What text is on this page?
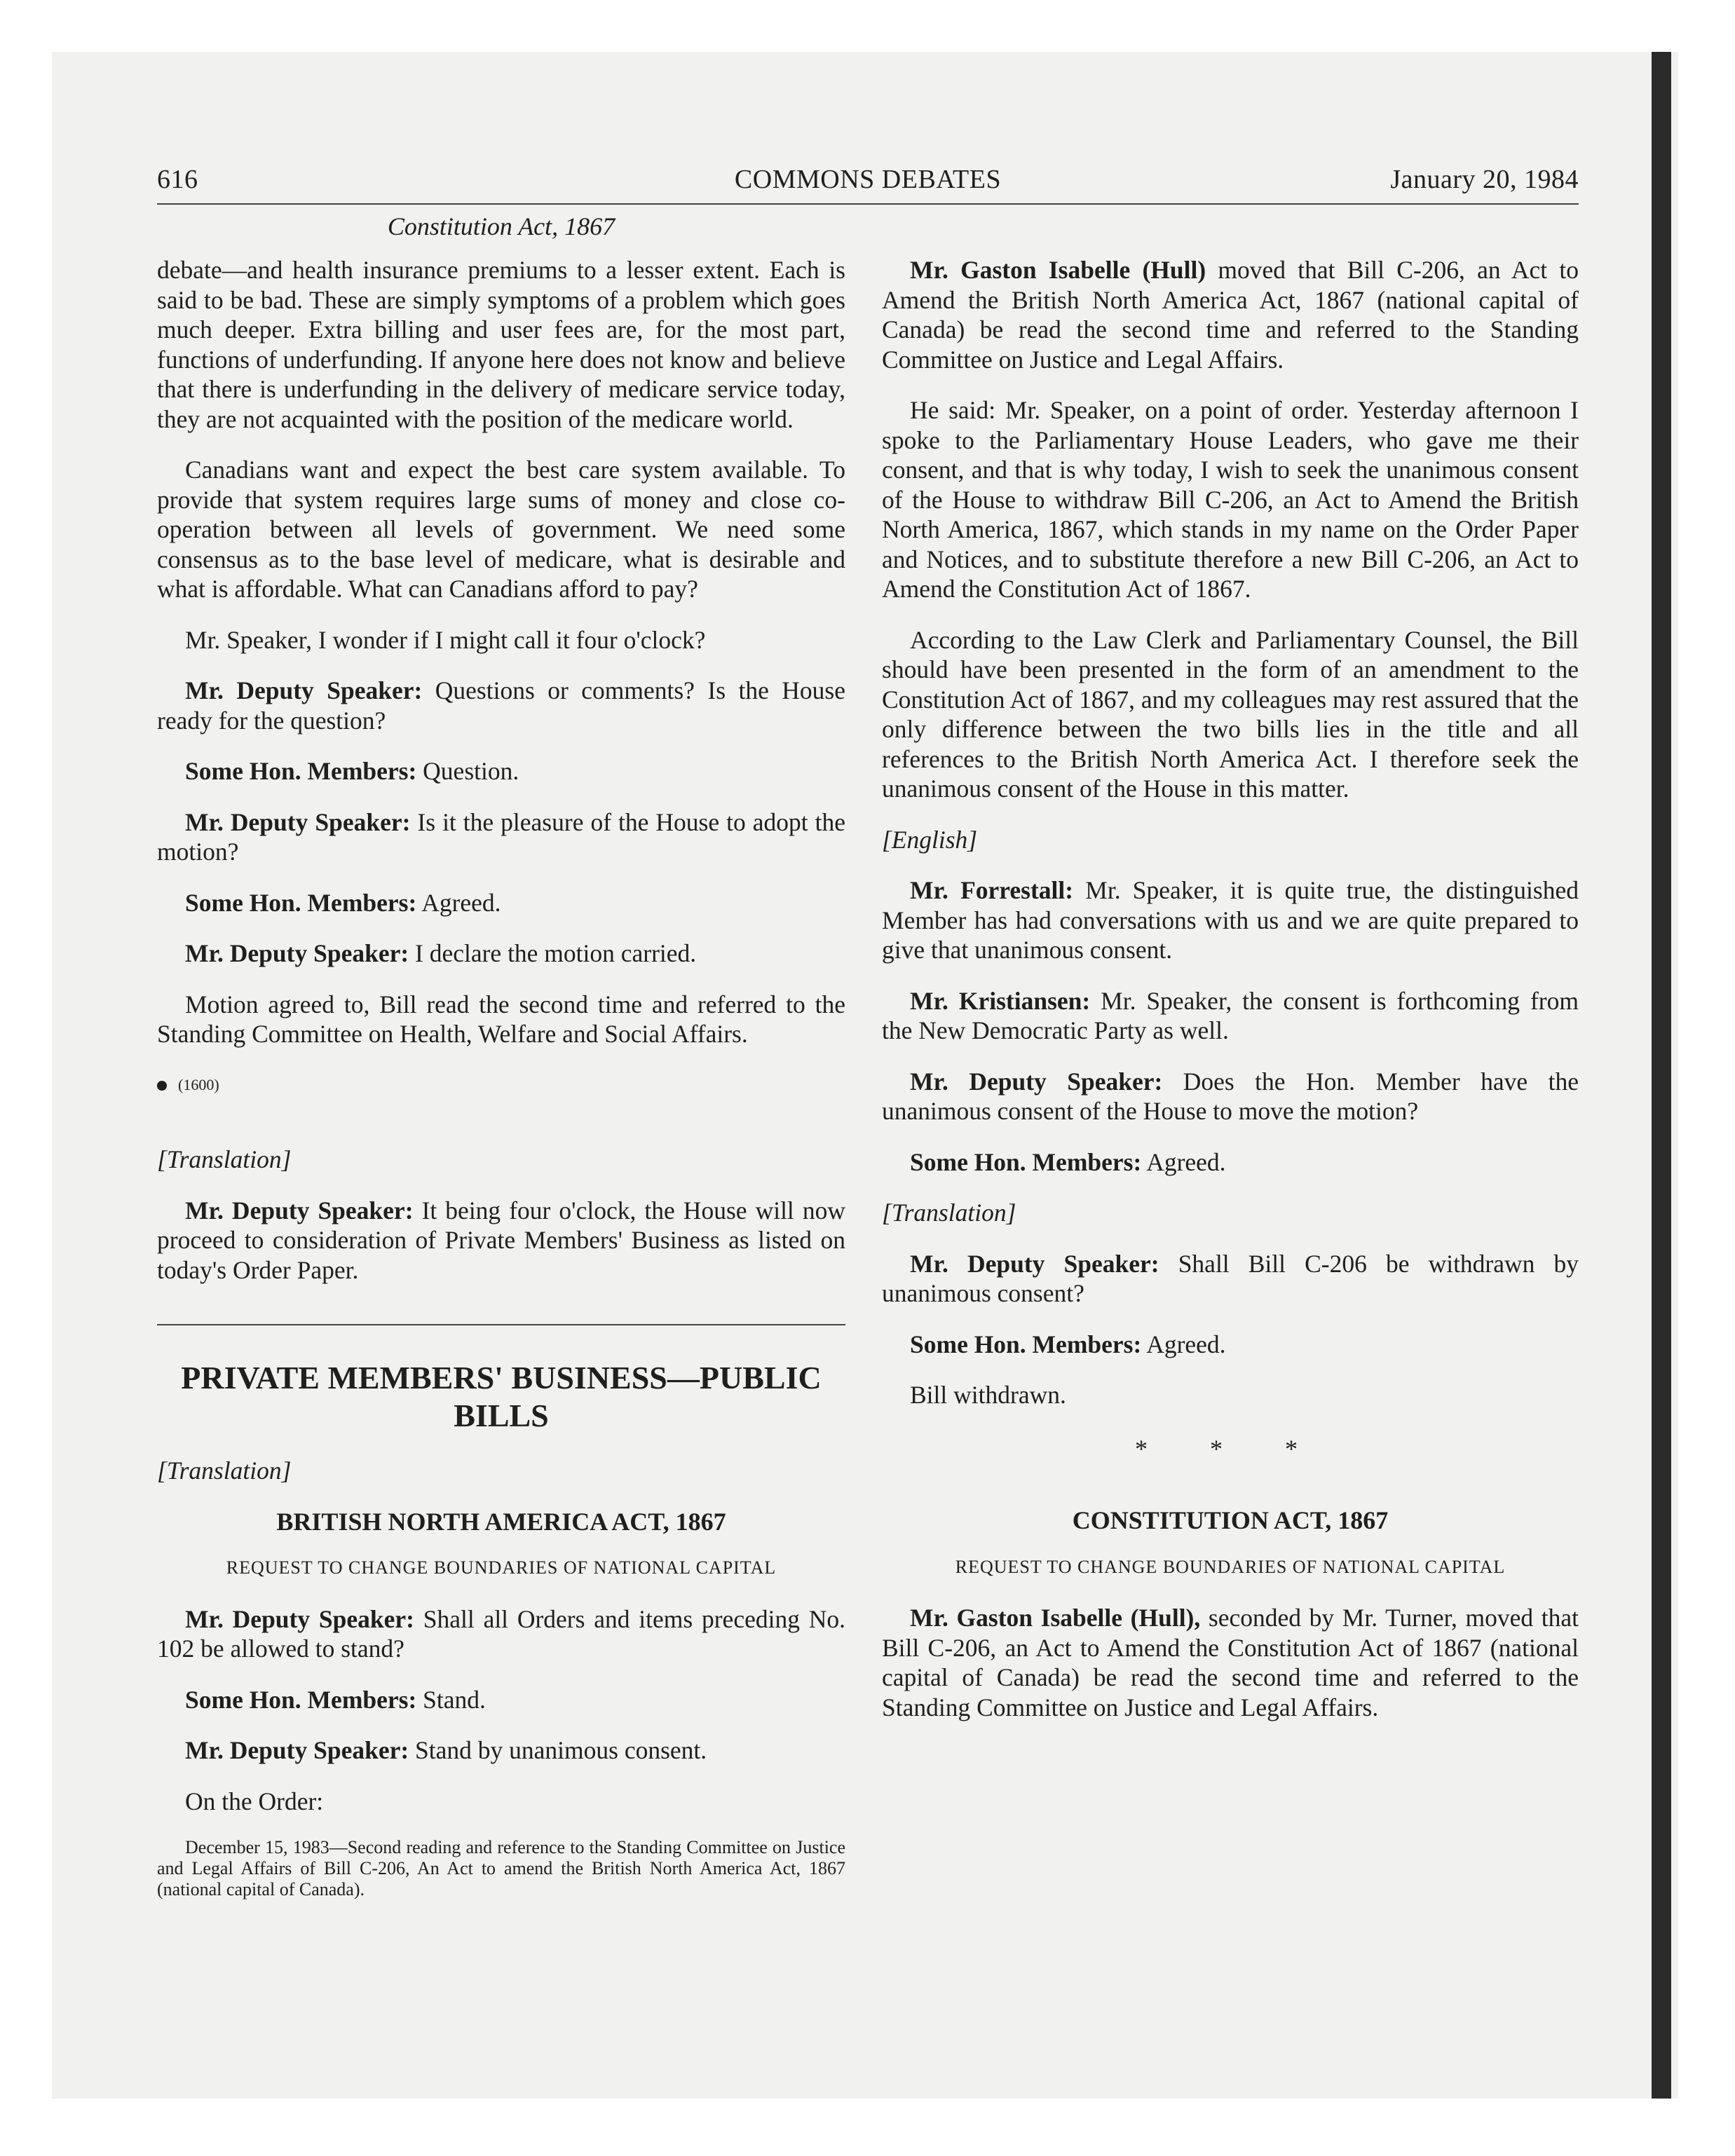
616	COMMONS DEBATES	January 20, 1984
Constitution Act, 1867

debate—and health insurance premiums to a lesser extent. Each is said to be bad. These are simply symptoms of a problem which goes much deeper. Extra billing and user fees are, for the most part, functions of underfunding. If anyone here does not know and believe that there is underfunding in the delivery of medicare service today, they are not acquainted with the position of the medicare world.

Canadians want and expect the best care system available. To provide that system requires large sums of money and close co-operation between all levels of government. We need some consensus as to the base level of medicare, what is desirable and what is affordable. What can Canadians afford to pay?

Mr. Speaker, I wonder if I might call it four o'clock?

Mr. Deputy Speaker: Questions or comments? Is the House ready for the question?

Some Hon. Members: Question.

Mr. Deputy Speaker: Is it the pleasure of the House to adopt the motion?

Some Hon. Members: Agreed.

Mr. Deputy Speaker: I declare the motion carried.

Motion agreed to, Bill read the second time and referred to the Standing Committee on Health, Welfare and Social Affairs.

(1600)
[Translation]

Mr. Deputy Speaker: It being four o'clock, the House will now proceed to consideration of Private Members' Business as listed on today's Order Paper.

PRIVATE MEMBERS' BUSINESS—PUBLIC BILLS
[Translation]
BRITISH NORTH AMERICA ACT, 1867
REQUEST TO CHANGE BOUNDARIES OF NATIONAL CAPITAL

Mr. Deputy Speaker: Shall all Orders and items preceding No. 102 be allowed to stand?

Some Hon. Members: Stand.

Mr. Deputy Speaker: Stand by unanimous consent.

On the Order:

December 15, 1983—Second reading and reference to the Standing Committee on Justice and Legal Affairs of Bill C-206, An Act to amend the British North America Act, 1867 (national capital of Canada).

Mr. Gaston Isabelle (Hull) moved that Bill C-206, an Act to Amend the British North America Act, 1867 (national capital of Canada) be read the second time and referred to the Standing Committee on Justice and Legal Affairs.

He said: Mr. Speaker, on a point of order. Yesterday afternoon I spoke to the Parliamentary House Leaders, who gave me their consent, and that is why today, I wish to seek the unanimous consent of the House to withdraw Bill C-206, an Act to Amend the British North America, 1867, which stands in my name on the Order Paper and Notices, and to substitute therefore a new Bill C-206, an Act to Amend the Constitution Act of 1867.

According to the Law Clerk and Parliamentary Counsel, the Bill should have been presented in the form of an amendment to the Constitution Act of 1867, and my colleagues may rest assured that the only difference between the two bills lies in the title and all references to the British North America Act. I therefore seek the unanimous consent of the House in this matter.

[English]

Mr. Forrestall: Mr. Speaker, it is quite true, the distinguished Member has had conversations with us and we are quite prepared to give that unanimous consent.

Mr. Kristiansen: Mr. Speaker, the consent is forthcoming from the New Democratic Party as well.

Mr. Deputy Speaker: Does the Hon. Member have the unanimous consent of the House to move the motion?

Some Hon. Members: Agreed.

[Translation]

Mr. Deputy Speaker: Shall Bill C-206 be withdrawn by unanimous consent?

Some Hon. Members: Agreed.

Bill withdrawn.

* * *
CONSTITUTION ACT, 1867
REQUEST TO CHANGE BOUNDARIES OF NATIONAL CAPITAL

Mr. Gaston Isabelle (Hull), seconded by Mr. Turner, moved that Bill C-206, an Act to Amend the Constitution Act of 1867 (national capital of Canada) be read the second time and referred to the Standing Committee on Justice and Legal Affairs.
